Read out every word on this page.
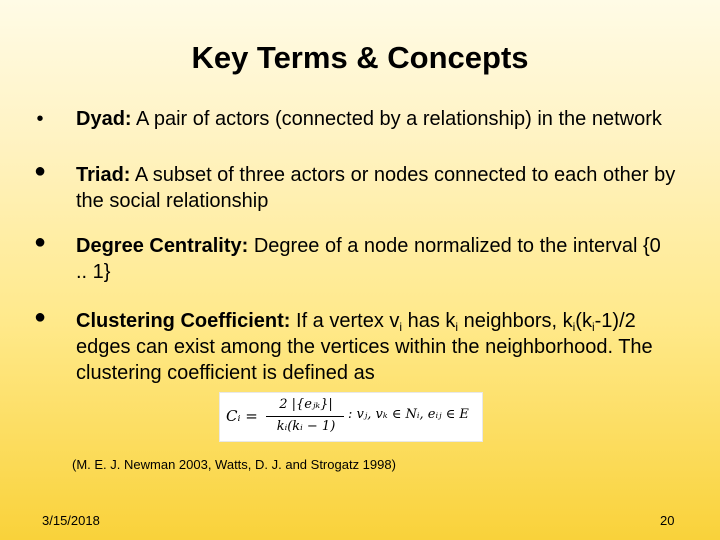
Key Terms & Concepts
• Dyad: A pair of actors (connected by a relationship) in the network
● Triad: A subset of three actors or nodes connected to each other by the social relationship
● Degree Centrality: Degree of a node normalized to the interval {0 .. 1}
● Clustering Coefficient: If a vertex $v_i$ has $k_i$ neighbors, $k_i(k_i-1)/2$ edges can exist among the vertices within the neighborhood. The clustering coefficient is defined as
Cᵢ =
2 |{eⱼₖ}|
kᵢ(kᵢ − 1)
: vⱼ, vₖ ∈ Nᵢ, eᵢⱼ ∈ E
(M. E. J. Newman 2003, Watts, D. J. and Strogatz 1998)
3/15/2018	20
